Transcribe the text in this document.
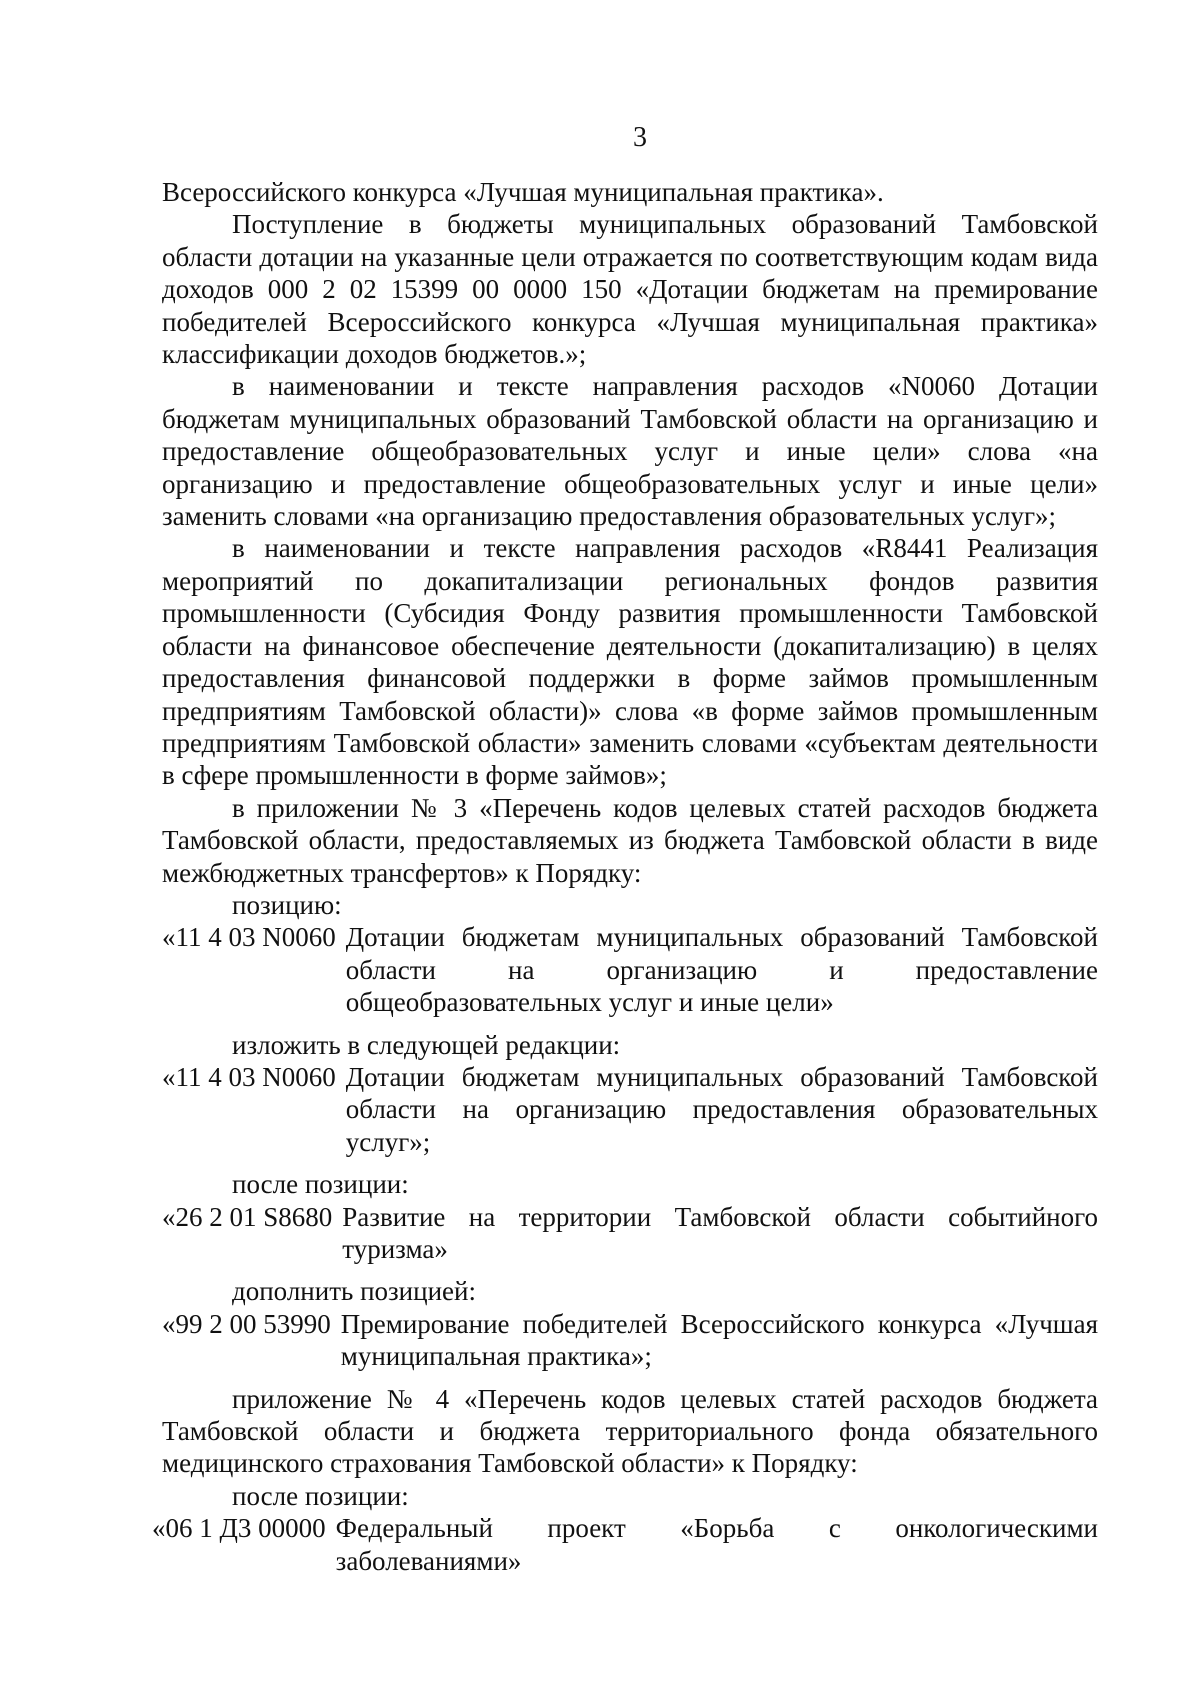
3

Всероссийского конкурса «Лучшая муниципальная практика».

Поступление в бюджеты муниципальных образований Тамбовской области дотации на указанные цели отражается по соответствующим кодам вида доходов 000 2 02 15399 00 0000 150 «Дотации бюджетам на премирование победителей Всероссийского конкурса «Лучшая муниципальная практика» классификации доходов бюджетов.»;

в наименовании и тексте направления расходов «N0060 Дотации бюджетам муниципальных образований Тамбовской области на организацию и предоставление общеобразовательных услуг и иные цели» слова «на организацию и предоставление общеобразовательных услуг и иные цели» заменить словами «на организацию предоставления образовательных услуг»;

в наименовании и тексте направления расходов «R8441 Реализация мероприятий по докапитализации региональных фондов развития промышленности (Субсидия Фонду развития промышленности Тамбовской области на финансовое обеспечение деятельности (докапитализацию) в целях предоставления финансовой поддержки в форме займов промышленным предприятиям Тамбовской области)» слова «в форме займов промышленным предприятиям Тамбовской области» заменить словами «субъектам деятельности в сфере промышленности в форме займов»;

в приложении № 3 «Перечень кодов целевых статей расходов бюджета Тамбовской области, предоставляемых из бюджета Тамбовской области в виде межбюджетных трансфертов» к Порядку:

позицию:

«11 4 03 N0060 Дотации бюджетам муниципальных образований Тамбовской области на организацию и предоставление общеобразовательных услуг и иные цели»

изложить в следующей редакции:

«11 4 03 N0060 Дотации бюджетам муниципальных образований Тамбовской области на организацию предоставления образовательных услуг»;

после позиции:

«26 2 01 S8680 Развитие на территории Тамбовской области событийного туризма»

дополнить позицией:

«99 2 00 53990 Премирование победителей Всероссийского конкурса «Лучшая муниципальная практика»;

приложение № 4 «Перечень кодов целевых статей расходов бюджета Тамбовской области и бюджета территориального фонда обязательного медицинского страхования Тамбовской области» к Порядку:

после позиции:

«06 1 Д3 00000 Федеральный проект «Борьба с онкологическими заболеваниями»
